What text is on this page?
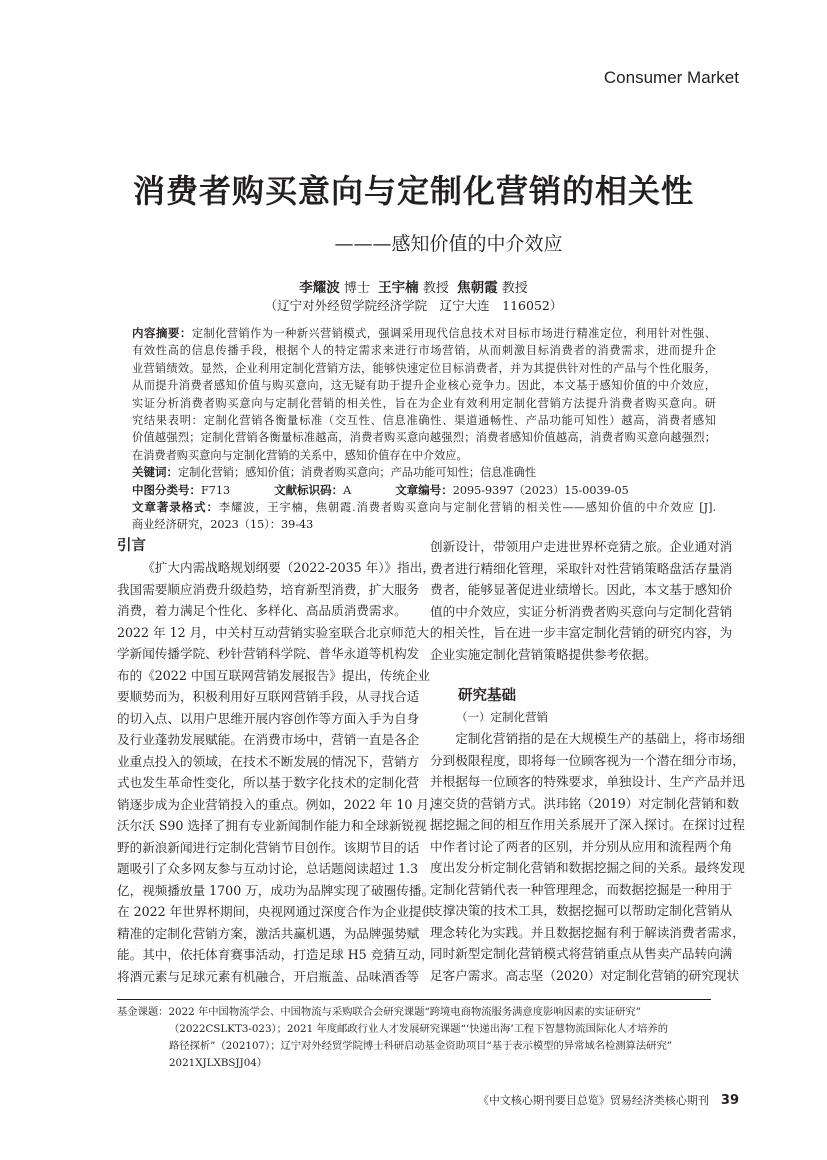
Consumer Market
消费者购买意向与定制化营销的相关性
———感知价值的中介效应
李耀波 博士 王宇楠 教授 焦朝霞 教授
（辽宁对外经贸学院经济学院　辽宁大连　116052）
内容摘要：定制化营销作为一种新兴营销模式，强调采用现代信息技术对目标市场进行精准定位，利用针对性强、
有效性高的信息传播手段，根据个人的特定需求来进行市场营销，从而刺激目标消费者的消费需求，进而提升企
业营销绩效。显然，企业利用定制化营销方法，能够快速定位目标消费者，并为其提供针对性的产品与个性化服务，
从而提升消费者感知价值与购买意向，这无疑有助于提升企业核心竞争力。因此，本文基于感知价值的中介效应，
实证分析消费者购买意向与定制化营销的相关性，旨在为企业有效利用定制化营销方法提升消费者购买意向。研
究结果表明：定制化营销各衡量标准（交互性、信息准确性、渠道通畅性、产品功能可知性）越高，消费者感知
价值越强烈；定制化营销各衡量标准越高，消费者购买意向越强烈；消费者感知价值越高，消费者购买意向越强烈；
在消费者购买意向与定制化营销的关系中，感知价值存在中介效应。
关键词：定制化营销；感知价值；消费者购买意向；产品功能可知性；信息准确性
中图分类号：F713	文献标识码：A	文章编号：2095-9397（2023）15-0039-05
文章著录格式：李耀波，王宇楠，焦朝霞.消费者购买意向与定制化营销的相关性——感知价值的中介效应 [J].
商业经济研究，2023（15）：39-43
引言
《扩大内需战略规划纲要（2022-2035 年）》指出，
我国需要顺应消费升级趋势，培育新型消费，扩大服务
消费，着力满足个性化、多样化、高品质消费需求。
2022 年 12 月，中关村互动营销实验室联合北京师范大
学新闻传播学院、秒针营销科学院、普华永道等机构发
布的《2022 中国互联网营销发展报告》提出，传统企业
要顺势而为，积极利用好互联网营销手段，从寻找合适
的切入点、以用户思维开展内容创作等方面入手为自身
及行业蓬勃发展赋能。在消费市场中，营销一直是各企
业重点投入的领域，在技术不断发展的情况下，营销方
式也发生革命性变化，所以基于数字化技术的定制化营
销逐步成为企业营销投入的重点。例如，2022 年 10 月，
沃尔沃 S90 选择了拥有专业新闻制作能力和全球新锐视
野的新浪新闻进行定制化营销节目创作。该期节目的话
题吸引了众多网友参与互动讨论，总话题阅读超过 1.3
亿，视频播放量 1700 万，成功为品牌实现了破圈传播。
在 2022 年世界杯期间，央视网通过深度合作为企业提供
精准的定制化营销方案，激活共赢机遇，为品牌强势赋
能。其中，依托体育赛事活动，打造足球 H5 竞猜互动，
将酒元素与足球元素有机融合，开启瓶盖、品味酒香等
创新设计，带领用户走进世界杯竞猜之旅。企业通对消
费者进行精细化管理，采取针对性营销策略盘活存量消
费者，能够显著促进业绩增长。因此，本文基于感知价
值的中介效应，实证分析消费者购买意向与定制化营销
的相关性，旨在进一步丰富定制化营销的研究内容，为
企业实施定制化营销策略提供参考依据。
研究基础
（一）定制化营销
定制化营销指的是在大规模生产的基础上，将市场细
分到极限程度，即将每一位顾客视为一个潜在细分市场，
并根据每一位顾客的特殊要求，单独设计、生产产品并迅
速交货的营销方式。洪玮铭（2019）对定制化营销和数
据挖掘之间的相互作用关系展开了深入探讨。在探讨过程
中作者讨论了两者的区别，并分别从应用和流程两个角
度出发分析定制化营销和数据挖掘之间的关系。最终发现
定制化营销代表一种管理理念，而数据挖掘是一种用于
支撑决策的技术工具，数据挖掘可以帮助定制化营销从
理念转化为实践。并且数据挖掘有利于解读消费者需求，
同时新型定制化营销模式将营销重点从售卖产品转向满
足客户需求。高志坚（2020）对定制化营销的研究现状
基金课题：2022 年中国物流学会、中国物流与采购联合会研究课题“跨境电商物流服务满意度影响因素的实证研究”
（2022CSLKT3-023）；2021 年度邮政行业人才发展研究课题“‘快递出海’工程下智慧物流国际化人才培养的
路径探析”（202107）；辽宁对外经贸学院博士科研启动基金资助项目“基于表示模型的异常域名检测算法研究”
2021XJLXBSJJ04）
《中文核心期刊要目总览》贸易经济类核心期刊 39
